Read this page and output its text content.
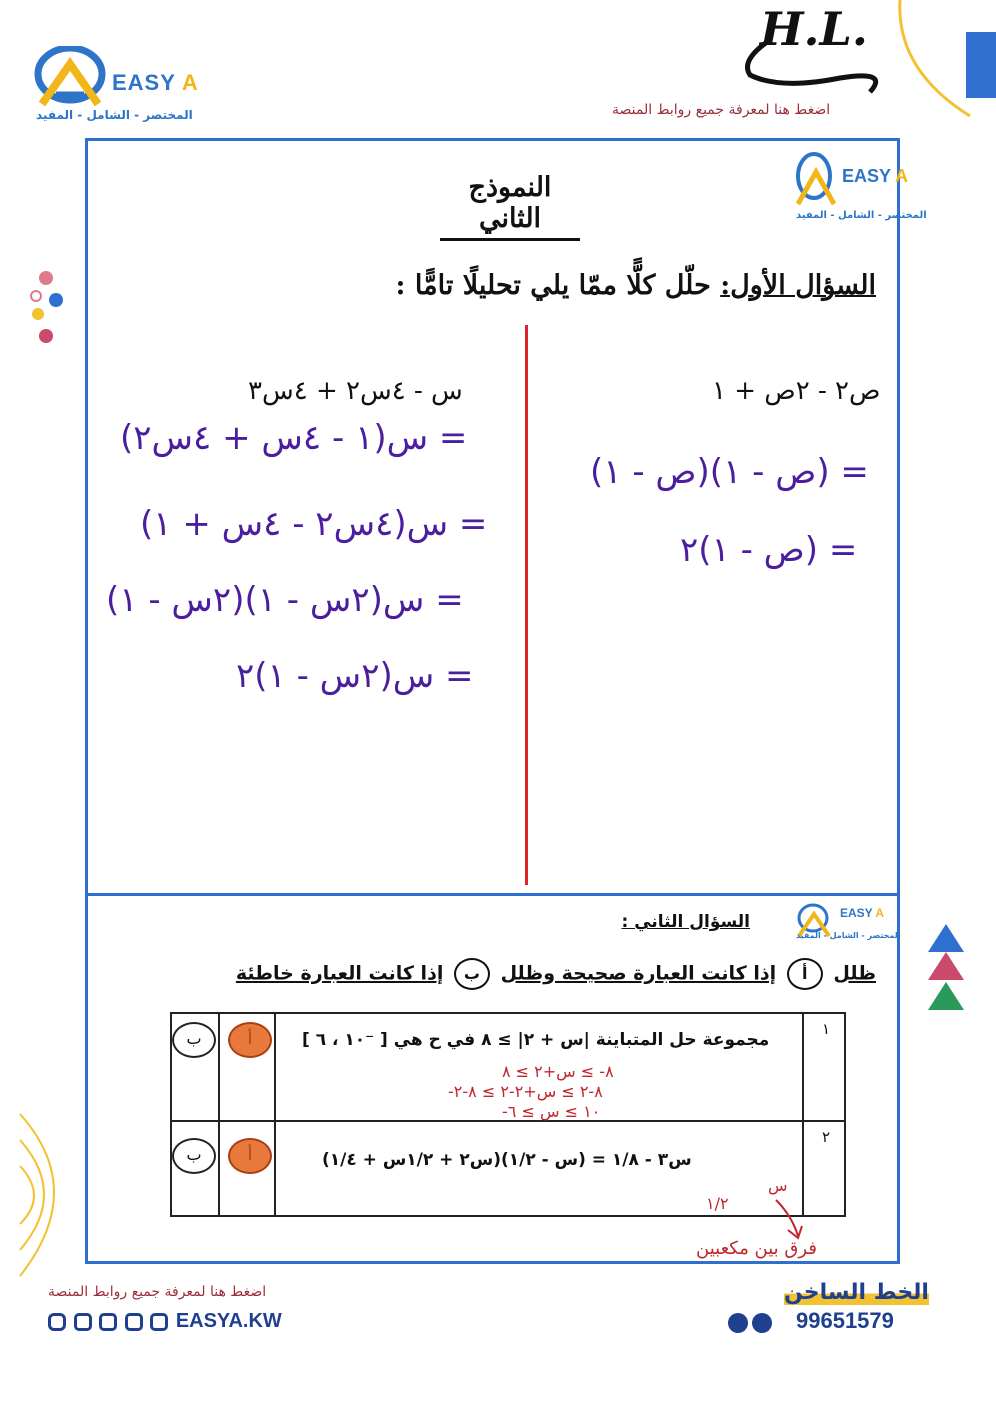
EASY A
المختصر - الشامل - المفيد	اضغط هنا لمعرفة جميع روابط المنصة
H.L.
النموذج الثاني
EASY A
المختصر - الشامل - المفيد
السؤال الأول: حلّل كلًّا ممّا يلي تحليلًا تامًّا :
ص٢ - ٢ص + ١
س - ٤س٢ + ٤س٣
= (ص - ١)(ص - ١)
= (ص - ١)٢
= س(١ - ٤س + ٤س٢)
= س(٤س٢ - ٤س + ١)
= س(٢س - ١)(٢س - ١)
= س(٢س - ١)٢
السؤال الثاني :	EASY A
المختصر - الشامل - المفيد
ظلل أ إذا كانت العبارة صحيحة وظلل ب إذا كانت العبارة خاطئة
١
مجموعة حل المتباينة |س + ٢| ≥ ٨ في ح هي [ ⁻١٠ ، ٦ ]
أ
ب
٨- ≥ س+٢ ≥ ٨
-٨-٢ ≥ س+٢-٢ ≥ ٨-٢
-١٠ ≥ س ≥ ٦
٢
س٣ - ١/٨ = (س - ١/٢)(س٢ + ١/٢س + ١/٤)
أ
ب
س
١/٢
فرق بين مكعبين
اضغط هنا لمعرفة جميع روابط المنصة
EASYA.KW
الخط الساخن
99651579
